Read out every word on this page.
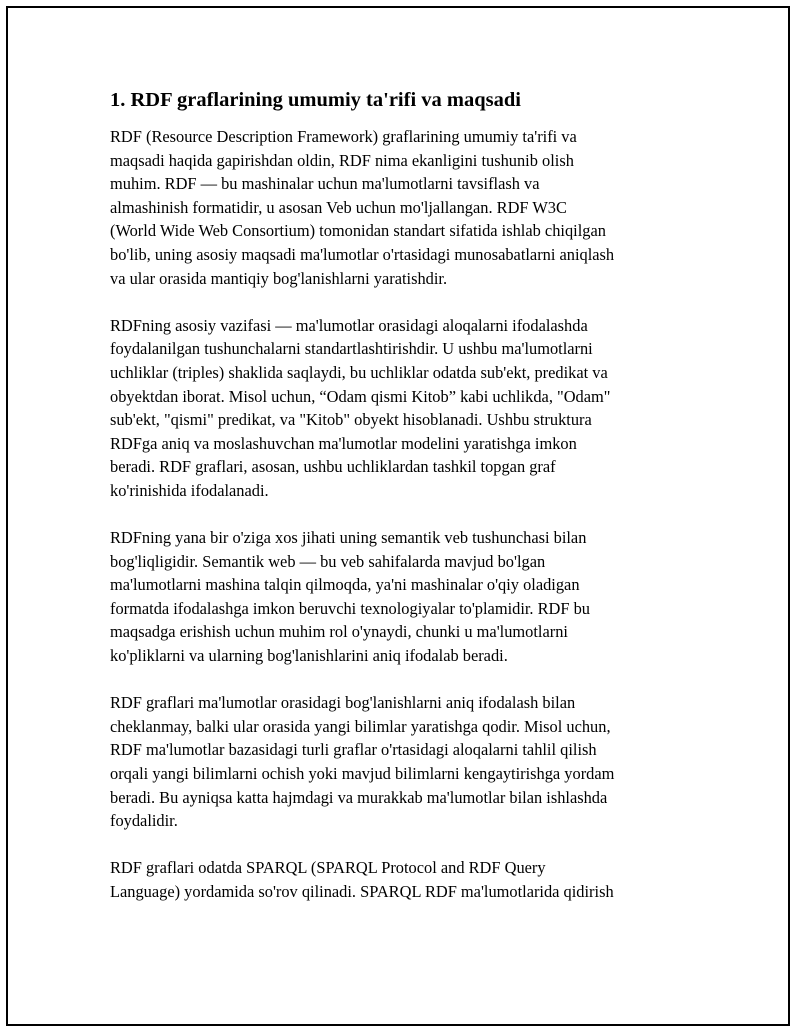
1. RDF graflarining umumiy ta'rifi va maqsadi
RDF (Resource Description Framework) graflarining umumiy ta'rifi va
maqsadi haqida gapirishdan oldin, RDF nima ekanligini tushunib olish
muhim. RDF — bu mashinalar uchun ma'lumotlarni tavsiflash va
almashinish formatidir, u asosan Veb uchun mo'ljallangan. RDF W3C
(World Wide Web Consortium) tomonidan standart sifatida ishlab chiqilgan
bo'lib, uning asosiy maqsadi ma'lumotlar o'rtasidagi munosabatlarni aniqlash
va ular orasida mantiqiy bog'lanishlarni yaratishdir.
RDFning asosiy vazifasi — ma'lumotlar orasidagi aloqalarni ifodalashda
foydalanilgan tushunchalarni standartlashtirishdir. U ushbu ma'lumotlarni
uchliklar (triples) shaklida saqlaydi, bu uchliklar odatda sub'ekt, predikat va
obyektdan iborat. Misol uchun, “Odam qismi Kitob” kabi uchlikda, "Odam"
sub'ekt, "qismi" predikat, va "Kitob" obyekt hisoblanadi. Ushbu struktura
RDFga aniq va moslashuvchan ma'lumotlar modelini yaratishga imkon
beradi. RDF graflari, asosan, ushbu uchliklardan tashkil topgan graf
ko'rinishida ifodalanadi.
RDFning yana bir o'ziga xos jihati uning semantik veb tushunchasi bilan
bog'liqligidir. Semantik web — bu veb sahifalarda mavjud bo'lgan
ma'lumotlarni mashina talqin qilmoqda, ya'ni mashinalar o'qiy oladigan
formatda ifodalashga imkon beruvchi texnologiyalar to'plamidir. RDF bu
maqsadga erishish uchun muhim rol o'ynaydi, chunki u ma'lumotlarni
ko'pliklarni va ularning bog'lanishlarini aniq ifodalab beradi.
RDF graflari ma'lumotlar orasidagi bog'lanishlarni aniq ifodalash bilan
cheklanmay, balki ular orasida yangi bilimlar yaratishga qodir. Misol uchun,
RDF ma'lumotlar bazasidagi turli graflar o'rtasidagi aloqalarni tahlil qilish
orqali yangi bilimlarni ochish yoki mavjud bilimlarni kengaytirishga yordam
beradi. Bu ayniqsa katta hajmdagi va murakkab ma'lumotlar bilan ishlashda
foydalidir.
RDF graflari odatda SPARQL (SPARQL Protocol and RDF Query
Language) yordamida so'rov qilinadi. SPARQL RDF ma'lumotlarida qidirish
